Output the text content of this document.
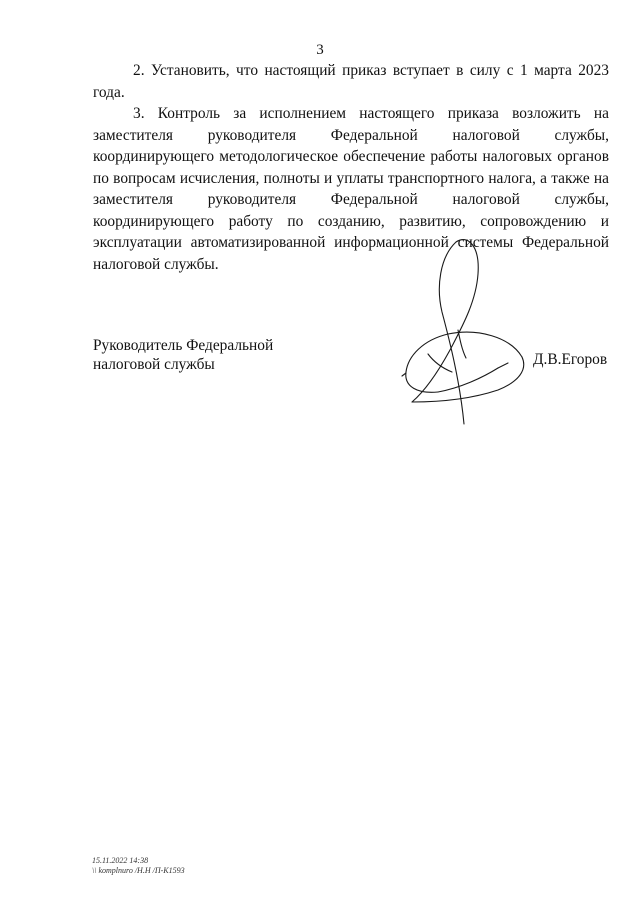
3

2. Установить, что настоящий приказ вступает в силу с 1 марта 2023 года.

3. Контроль за исполнением настоящего приказа возложить на заместителя руководителя Федеральной налоговой службы, координирующего методологическое обеспечение работы налоговых органов по вопросам исчисления, полноты и уплаты транспортного налога, а также на заместителя руководителя Федеральной налоговой службы, координирующего работу по созданию, развитию, сопровождению и эксплуатации автоматизированной информационной системы Федеральной налоговой службы.

Руководитель Федеральной
налоговой службы	Д.В.Егоров
15.11.2022 14:38
\\ komplnuro /Н.Н /П-К1593
